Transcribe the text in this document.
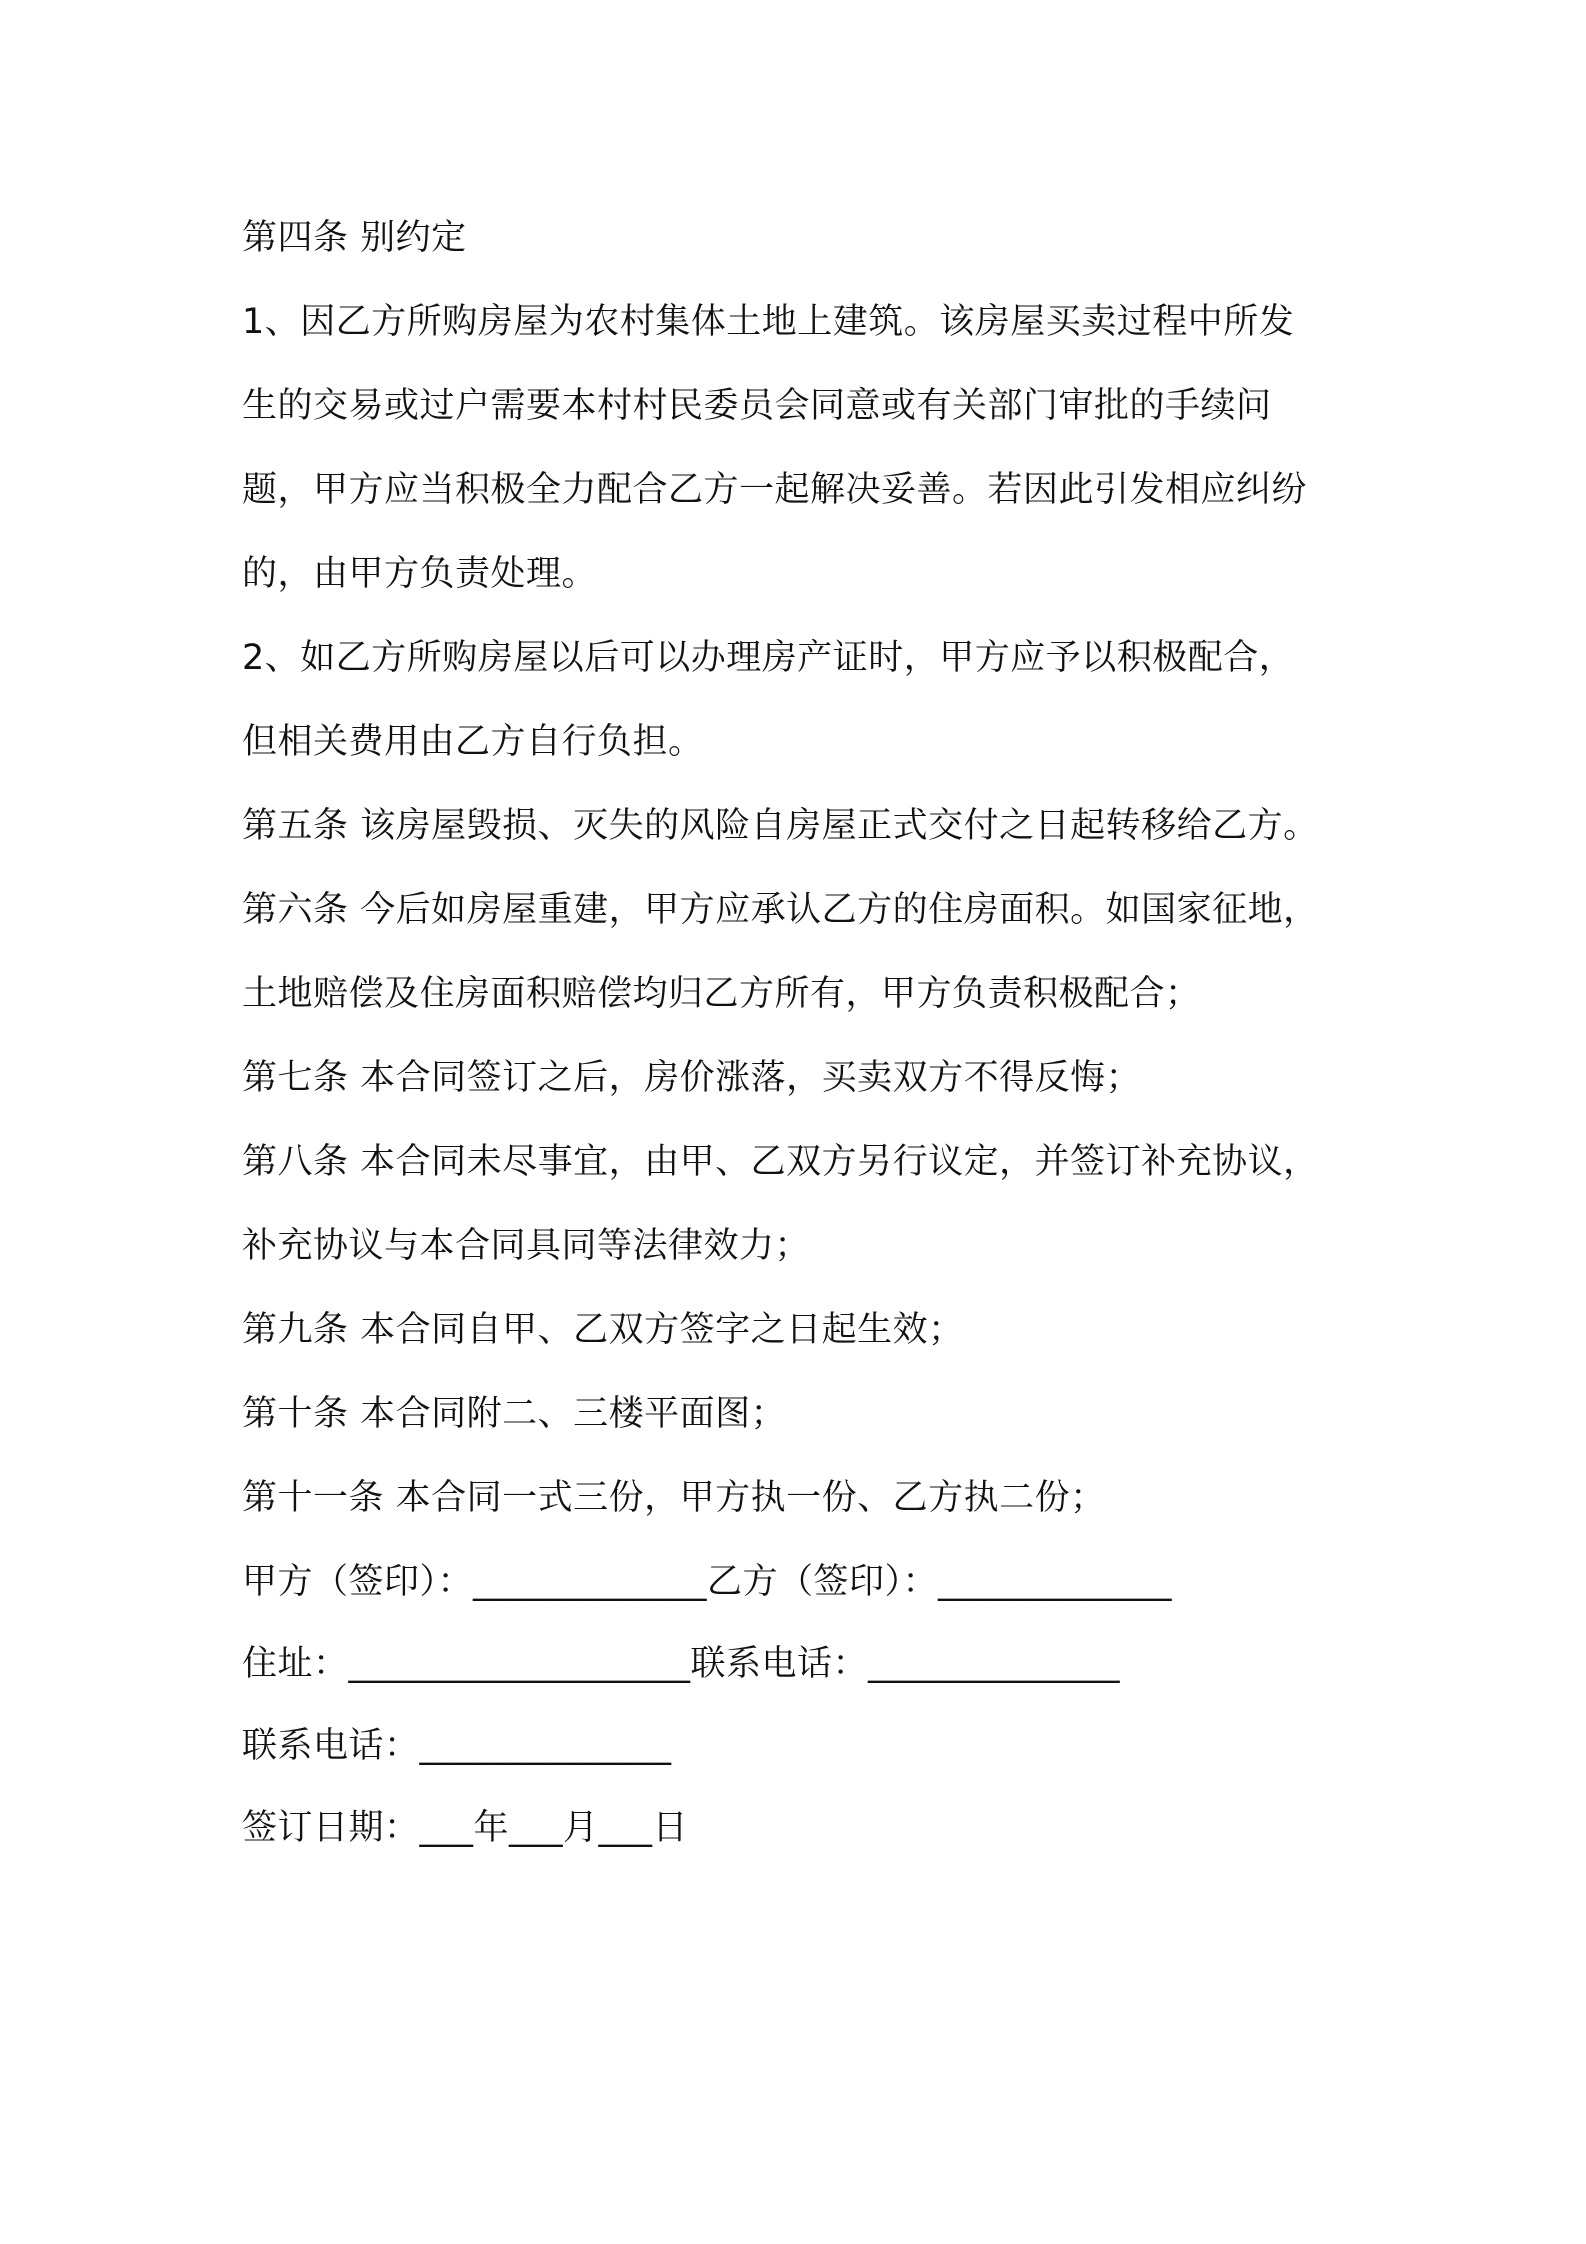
第四条 别约定
1、因乙方所购房屋为农村集体土地上建筑。该房屋买卖过程中所发
生的交易或过户需要本村村民委员会同意或有关部门审批的手续问
题，甲方应当积极全力配合乙方一起解决妥善。若因此引发相应纠纷
的，由甲方负责处理。
2、如乙方所购房屋以后可以办理房产证时，甲方应予以积极配合，
但相关费用由乙方自行负担。
第五条 该房屋毁损、灭失的风险自房屋正式交付之日起转移给乙方。
第六条 今后如房屋重建，甲方应承认乙方的住房面积。如国家征地，
土地赔偿及住房面积赔偿均归乙方所有，甲方负责积极配合；
第七条 本合同签订之后，房价涨落，买卖双方不得反悔；
第八条 本合同未尽事宜，由甲、乙双方另行议定，并签订补充协议，
补充协议与本合同具同等法律效力；
第九条 本合同自甲、乙双方签字之日起生效；
第十条 本合同附二、三楼平面图；
第十一条 本合同一式三份，甲方执一份、乙方执二份；
甲方（签印）：_____________乙方（签印）：_____________
住址：___________________联系电话：______________
联系电话：______________
签订日期：___年___月___日
